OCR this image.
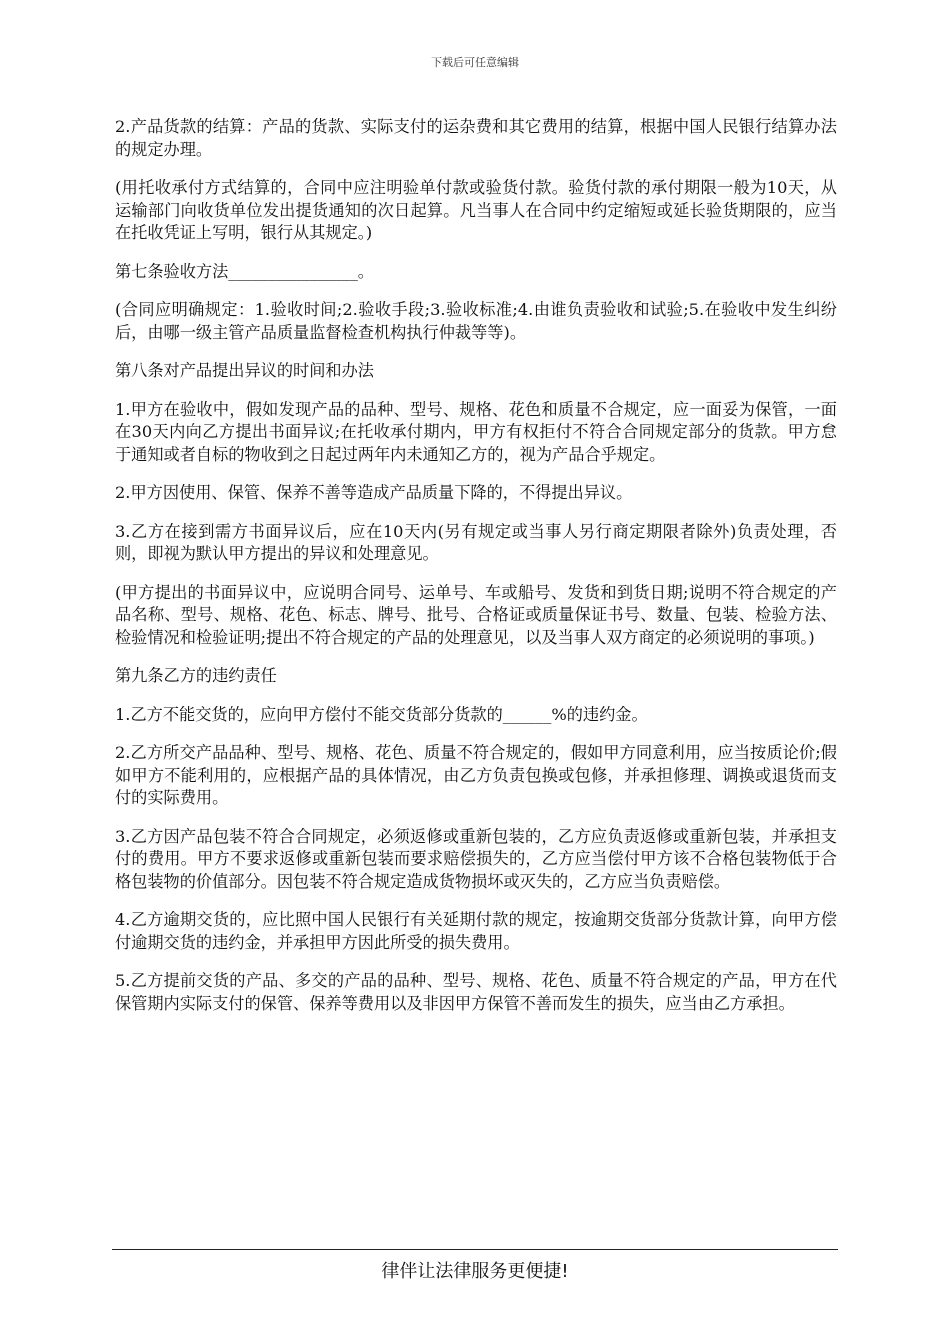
下载后可任意编辑

2.产品货款的结算：产品的货款、实际支付的运杂费和其它费用的结算，根据中国人民银行结算办法的规定办理。

(用托收承付方式结算的，合同中应注明验单付款或验货付款。验货付款的承付期限一般为10天，从运输部门向收货单位发出提货通知的次日起算。凡当事人在合同中约定缩短或延长验货期限的，应当在托收凭证上写明，银行从其规定。)

第七条验收方法________________。

(合同应明确规定：1.验收时间;2.验收手段;3.验收标准;4.由谁负责验收和试验;5.在验收中发生纠纷后，由哪一级主管产品质量监督检查机构执行仲裁等等)。

第八条对产品提出异议的时间和办法

1.甲方在验收中，假如发现产品的品种、型号、规格、花色和质量不合规定，应一面妥为保管，一面在30天内向乙方提出书面异议;在托收承付期内，甲方有权拒付不符合合同规定部分的货款。甲方怠于通知或者自标的物收到之日起过两年内未通知乙方的，视为产品合乎规定。

2.甲方因使用、保管、保养不善等造成产品质量下降的，不得提出异议。

3.乙方在接到需方书面异议后，应在10天内(另有规定或当事人另行商定期限者除外)负责处理，否则，即视为默认甲方提出的异议和处理意见。

(甲方提出的书面异议中，应说明合同号、运单号、车或船号、发货和到货日期;说明不符合规定的产品名称、型号、规格、花色、标志、牌号、批号、合格证或质量保证书号、数量、包装、检验方法、检验情况和检验证明;提出不符合规定的产品的处理意见，以及当事人双方商定的必须说明的事项。)

第九条乙方的违约责任

1.乙方不能交货的，应向甲方偿付不能交货部分货款的______%的违约金。

2.乙方所交产品品种、型号、规格、花色、质量不符合规定的，假如甲方同意利用，应当按质论价;假如甲方不能利用的，应根据产品的具体情况，由乙方负责包换或包修，并承担修理、调换或退货而支付的实际费用。

3.乙方因产品包装不符合合同规定，必须返修或重新包装的，乙方应负责返修或重新包装，并承担支付的费用。甲方不要求返修或重新包装而要求赔偿损失的，乙方应当偿付甲方该不合格包装物低于合格包装物的价值部分。因包装不符合规定造成货物损坏或灭失的，乙方应当负责赔偿。

4.乙方逾期交货的，应比照中国人民银行有关延期付款的规定，按逾期交货部分货款计算，向甲方偿付逾期交货的违约金，并承担甲方因此所受的损失费用。

5.乙方提前交货的产品、多交的产品的品种、型号、规格、花色、质量不符合规定的产品，甲方在代保管期内实际支付的保管、保养等费用以及非因甲方保管不善而发生的损失，应当由乙方承担。

律伴让法律服务更便捷!
